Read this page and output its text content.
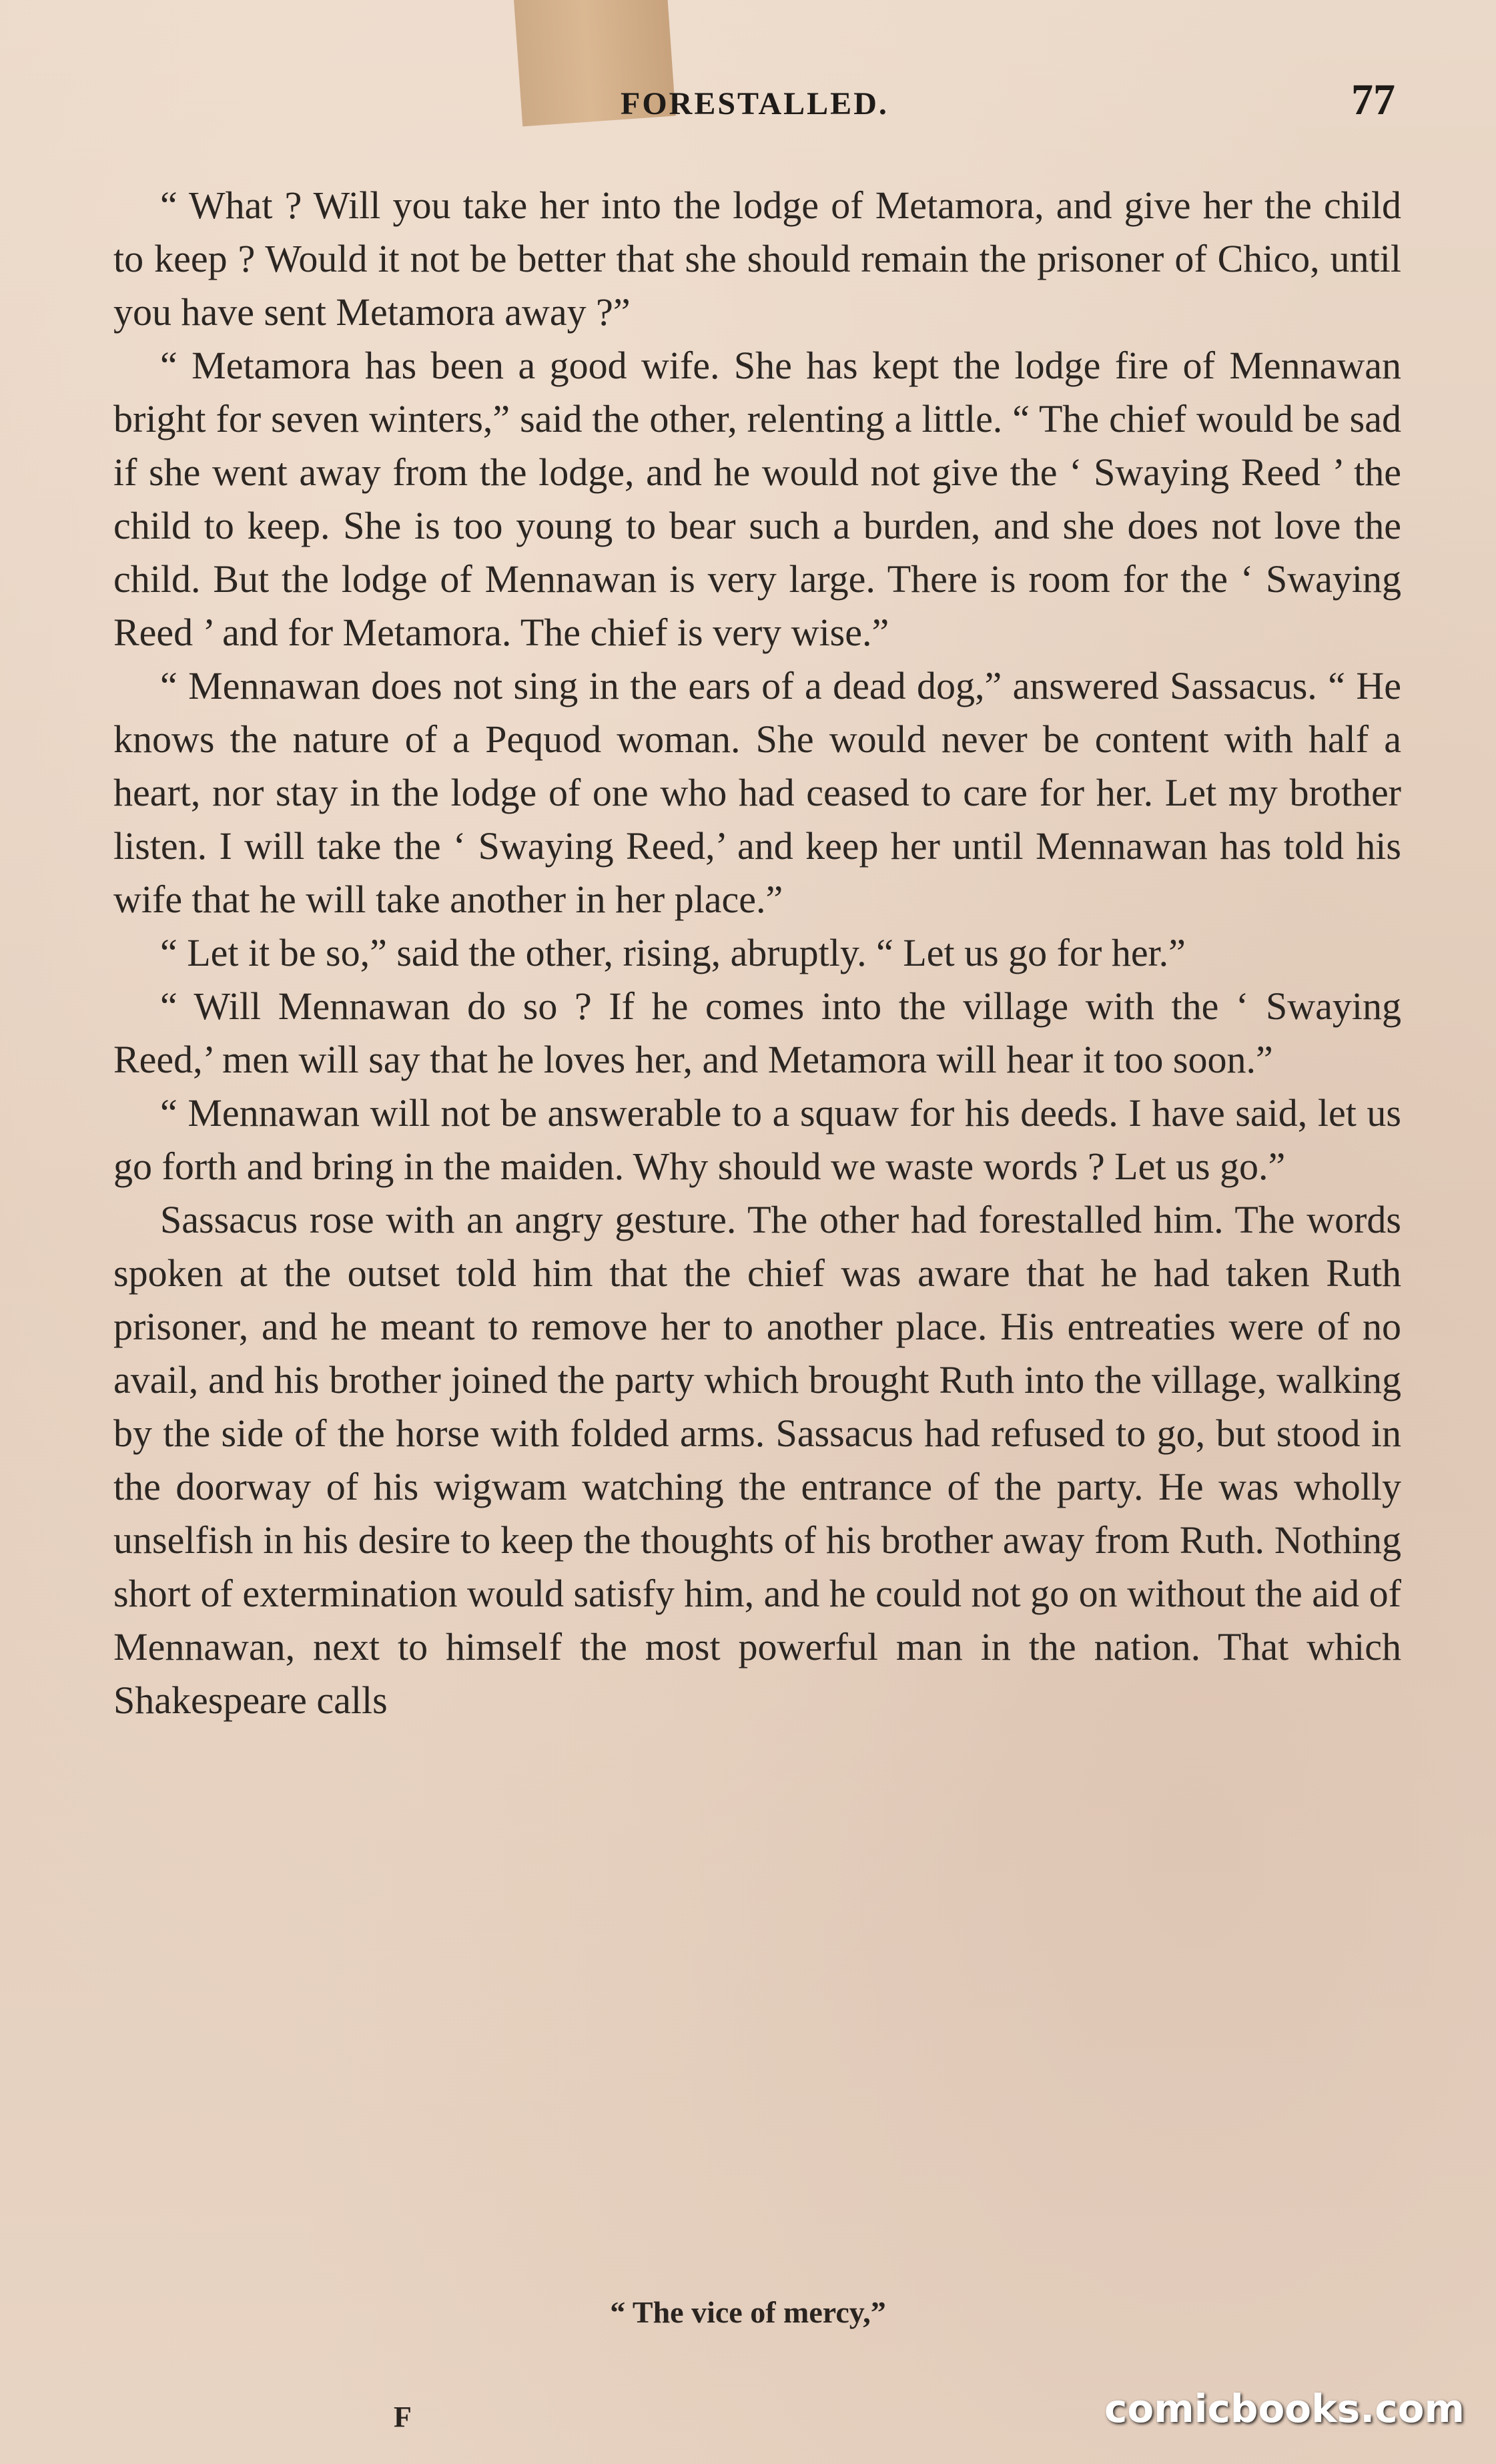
FORESTALLED.	77

“ What ? Will you take her into the lodge of Metamora, and give her the child to keep ? Would it not be better that she should remain the prisoner of Chico, until you have sent Metamora away ?”

“ Metamora has been a good wife. She has kept the lodge fire of Mennawan bright for seven winters,” said the other, relenting a little. “ The chief would be sad if she went away from the lodge, and he would not give the ‘ Swaying Reed ’ the child to keep. She is too young to bear such a burden, and she does not love the child. But the lodge of Mennawan is very large. There is room for the ‘ Swaying Reed ’ and for Metamora. The chief is very wise.”

“ Mennawan does not sing in the ears of a dead dog,” answered Sassacus. “ He knows the nature of a Pequod woman. She would never be content with half a heart, nor stay in the lodge of one who had ceased to care for her. Let my brother listen. I will take the ‘ Swaying Reed,’ and keep her until Mennawan has told his wife that he will take another in her place.”

“ Let it be so,” said the other, rising, abruptly. “ Let us go for her.”

“ Will Mennawan do so ? If he comes into the village with the ‘ Swaying Reed,’ men will say that he loves her, and Metamora will hear it too soon.”

“ Mennawan will not be answerable to a squaw for his deeds. I have said, let us go forth and bring in the maiden. Why should we waste words ? Let us go.”

Sassacus rose with an angry gesture. The other had forestalled him. The words spoken at the outset told him that the chief was aware that he had taken Ruth prisoner, and he meant to remove her to another place. His entreaties were of no avail, and his brother joined the party which brought Ruth into the village, walking by the side of the horse with folded arms. Sassacus had refused to go, but stood in the doorway of his wigwam watching the entrance of the party. He was wholly unselfish in his desire to keep the thoughts of his brother away from Ruth. Nothing short of extermination would satisfy him, and he could not go on without the aid of Mennawan, next to himself the most powerful man in the nation. That which Shakespeare calls

“ The vice of mercy,”
F	comicbooks.com
